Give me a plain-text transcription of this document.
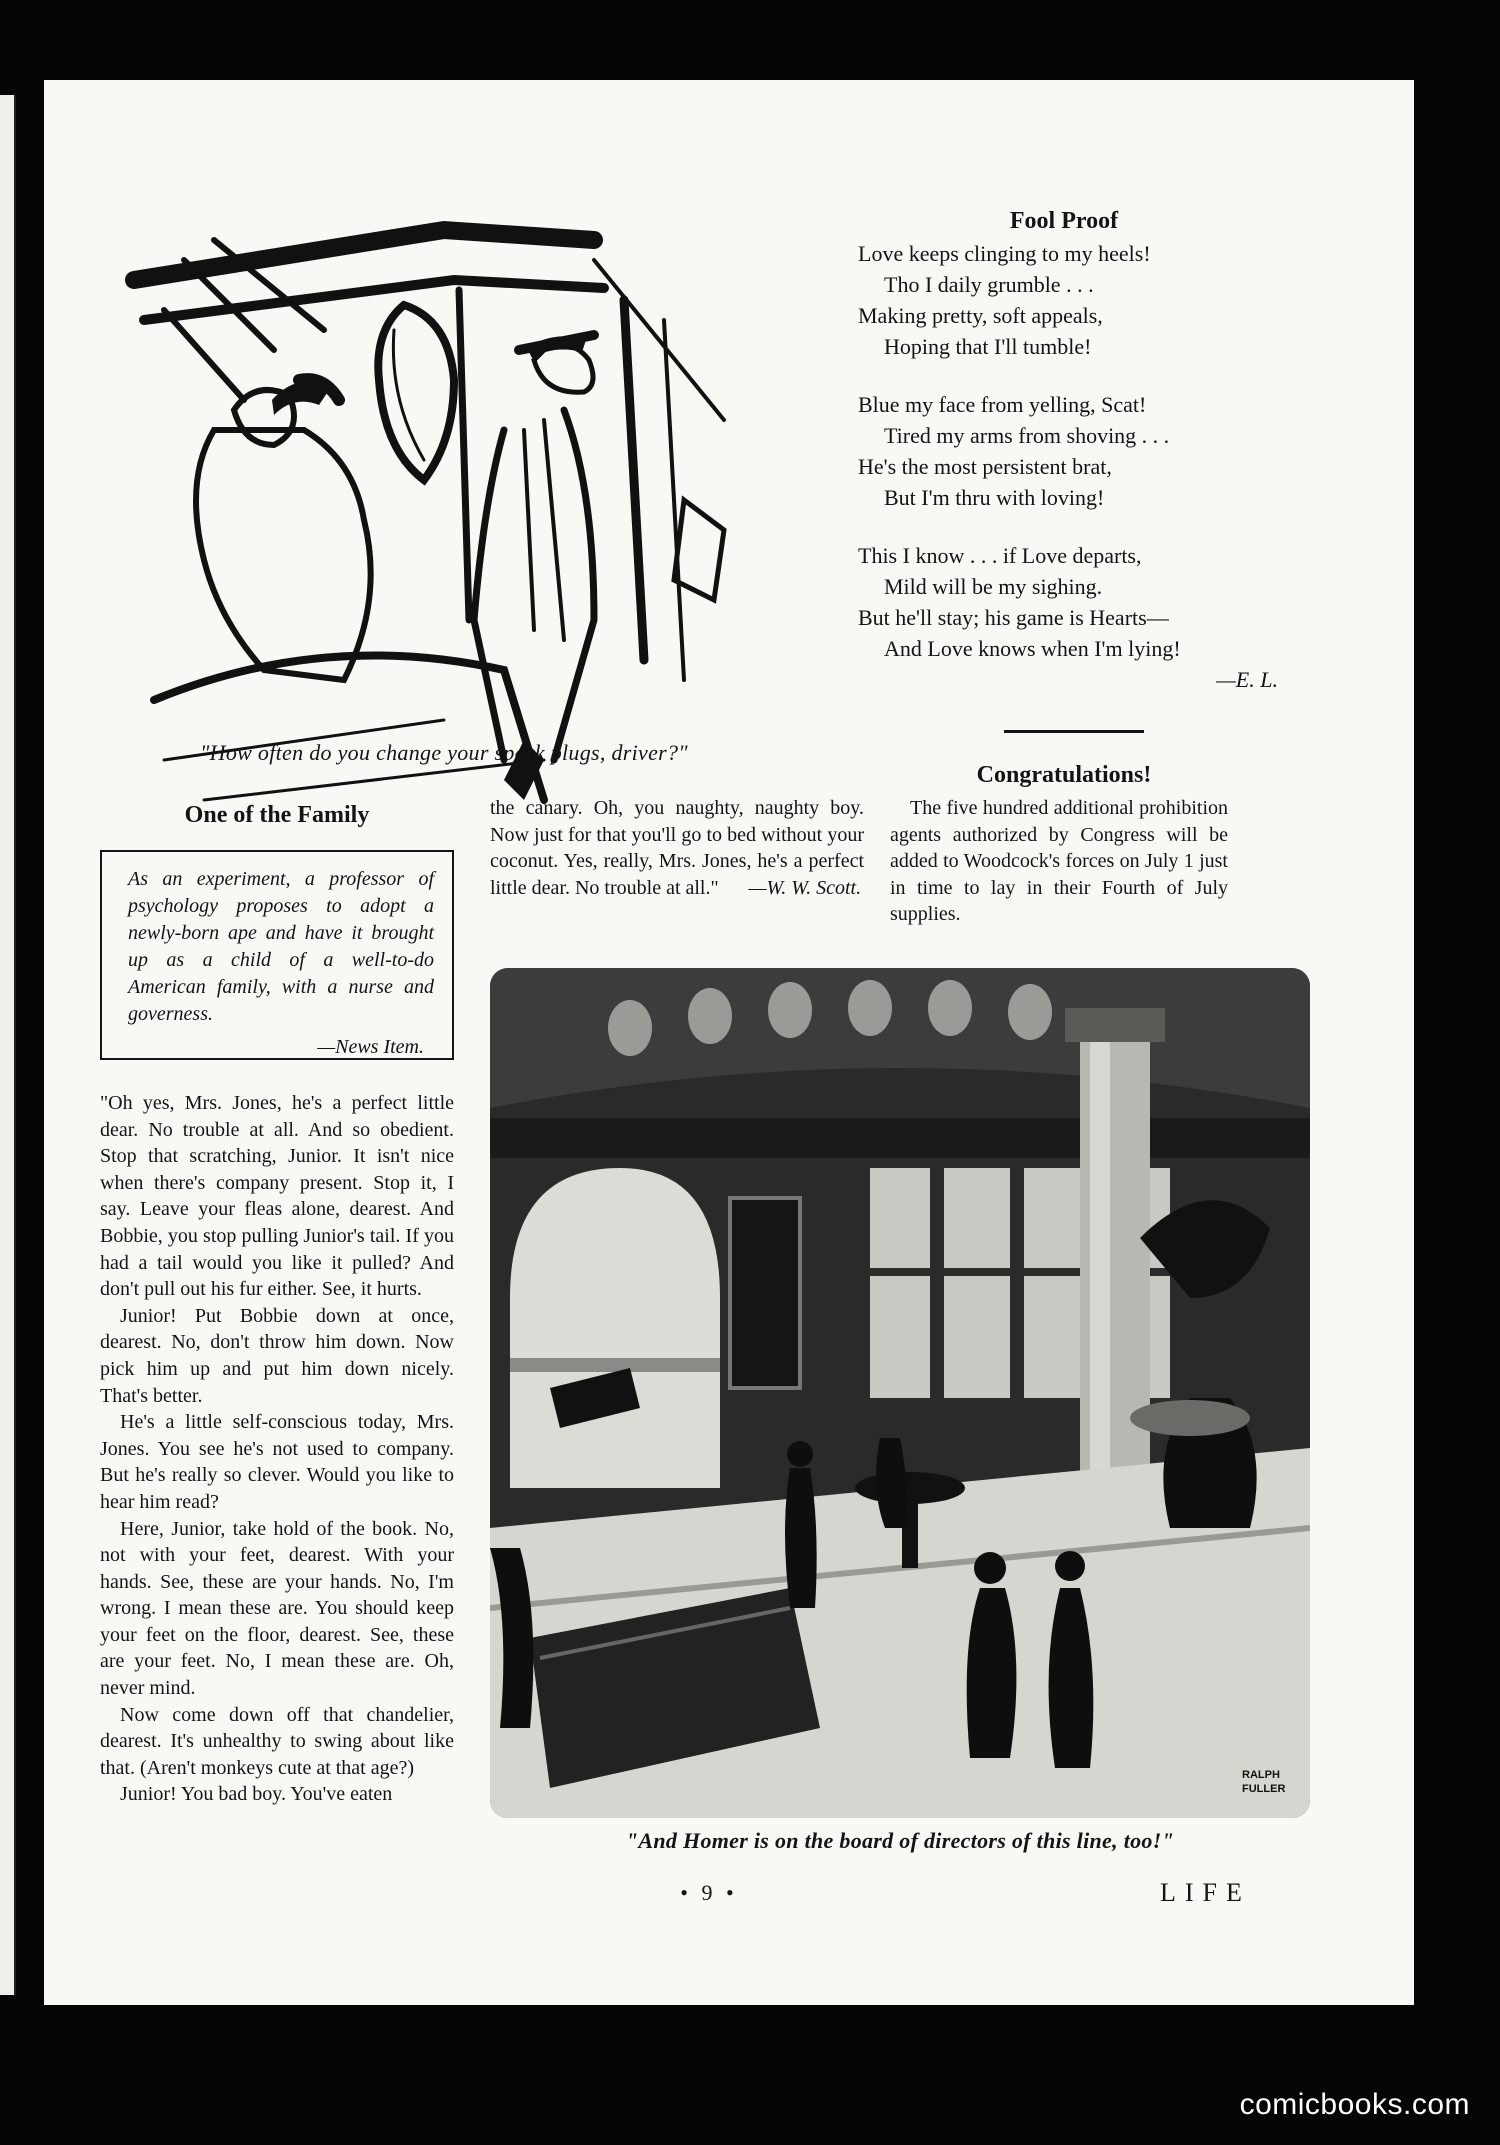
"How often do you change your spark plugs, driver?"
Fool Proof
Love keeps clinging to my heels!
Tho I daily grumble . . .
Making pretty, soft appeals,
Hoping that I'll tumble!
Blue my face from yelling, Scat!
Tired my arms from shoving . . .
He's the most persistent brat,
But I'm thru with loving!
This I know . . . if Love departs,
Mild will be my sighing.
But he'll stay; his game is Hearts—
And Love knows when I'm lying!
—E. L.
Congratulations!

The five hundred additional prohibition agents authorized by Congress will be added to Woodcock's forces on July 1 just in time to lay in their Fourth of July supplies.

One of the Family

As an experiment, a professor of psychology proposes to adopt a newly-born ape and have it brought up as a child of a well-to-do American family, with a nurse and governess.

—News Item.

"Oh yes, Mrs. Jones, he's a perfect little dear. No trouble at all. And so obedient. Stop that scratching, Junior. It isn't nice when there's company present. Stop it, I say. Leave your fleas alone, dearest. And Bobbie, you stop pulling Junior's tail. If you had a tail would you like it pulled? And don't pull out his fur either. See, it hurts.

Junior! Put Bobbie down at once, dearest. No, don't throw him down. Now pick him up and put him down nicely. That's better.

He's a little self-conscious today, Mrs. Jones. You see he's not used to company. But he's really so clever. Would you like to hear him read?

Here, Junior, take hold of the book. No, not with your feet, dearest. With your hands. See, these are your hands. No, I'm wrong. I mean these are. You should keep your feet on the floor, dearest. See, these are your feet. No, I mean these are. Oh, never mind.

Now come down off that chandelier, dearest. It's unhealthy to swing about like that. (Aren't monkeys cute at that age?)

Junior! You bad boy. You've eaten

the canary. Oh, you naughty, naughty boy. Now just for that you'll go to bed without your coconut. Yes, really, Mrs. Jones, he's a perfect little dear. No trouble at all." —W. W. Scott.

RALPH
FULLER
"And Homer is on the board of directors of this line, too!"
• 9 •	LIFE
comicbooks.com
